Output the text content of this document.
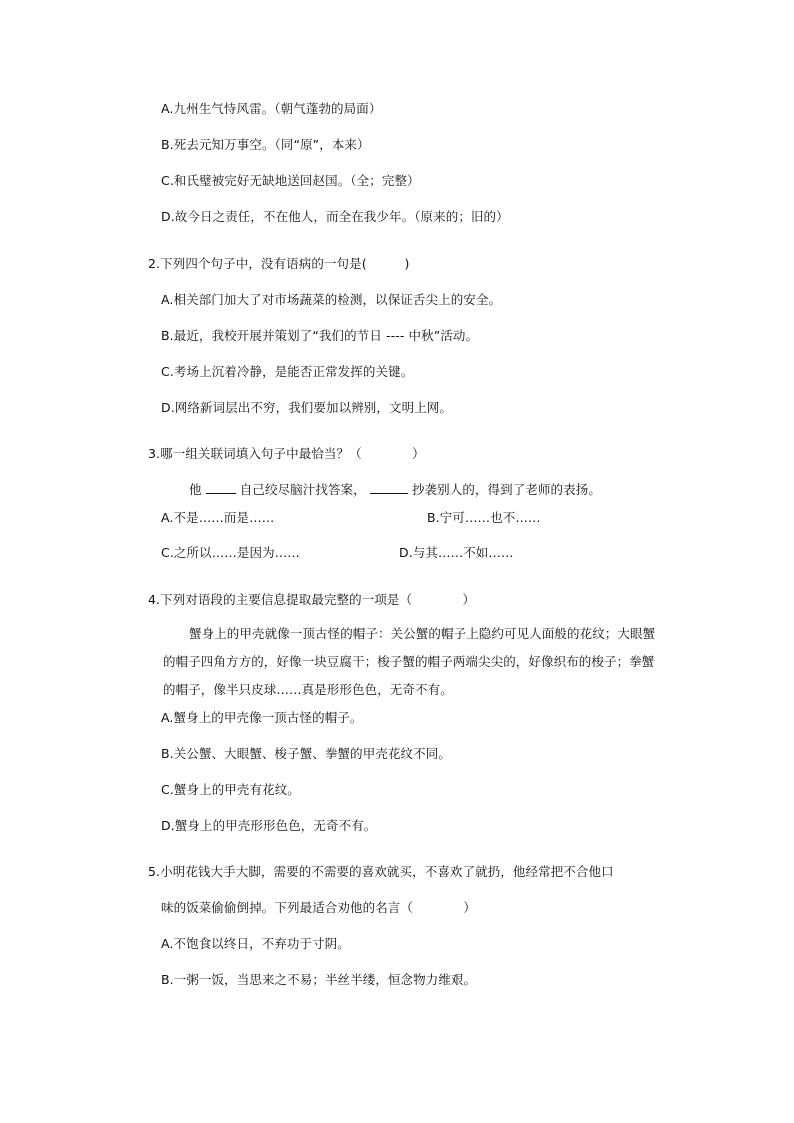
A.九州生气恃风雷。（朝气蓬勃的局面）
B.死去元知万事空。（同“原”，本来）
C.和氏璧被完好无缺地送回赵国。（全；完整）
D.故今日之责任，不在他人，而全在我少年。（原来的；旧的）
2.下列四个句子中，没有语病的一句是(　　　)
A.相关部门加大了对市场蔬菜的检测，以保证舌尖上的安全。
B.最近，我校开展并策划了“我们的节日 ---- 中秋”活动。
C.考场上沉着冷静，是能否正常发挥的关键。
D.网络新词层出不穷，我们要加以辨别，文明上网。
3.哪一组关联词填入句子中最恰当？（　　　　）
他	自己绞尽脑汁找答案，	抄袭别人的，得到了老师的表扬。
A.不是……而是……	B.宁可……也不……
C.之所以……是因为……	D.与其……不如……
4.下列对语段的主要信息提取最完整的一项是（　　　　）
蟹身上的甲壳就像一顶古怪的帽子：关公蟹的帽子上隐约可见人面般的花纹；大眼蟹的帽子四角方方的，好像一块豆腐干；梭子蟹的帽子两端尖尖的，好像织布的梭子；拳蟹的帽子，像半只皮球……真是形形色色，无奇不有。
A.蟹身上的甲壳像一顶古怪的帽子。
B.关公蟹、大眼蟹、梭子蟹、拳蟹的甲壳花纹不同。
C.蟹身上的甲壳有花纹。
D.蟹身上的甲壳形形色色，无奇不有。
5.小明花钱大手大脚，需要的不需要的喜欢就买，不喜欢了就扔，他经常把不合他口
味的饭菜偷偷倒掉。下列最适合劝他的名言（　　　　）
A.不饱食以终日，不弃功于寸阴。
B.一粥一饭，当思来之不易；半丝半缕，恒念物力维艰。
